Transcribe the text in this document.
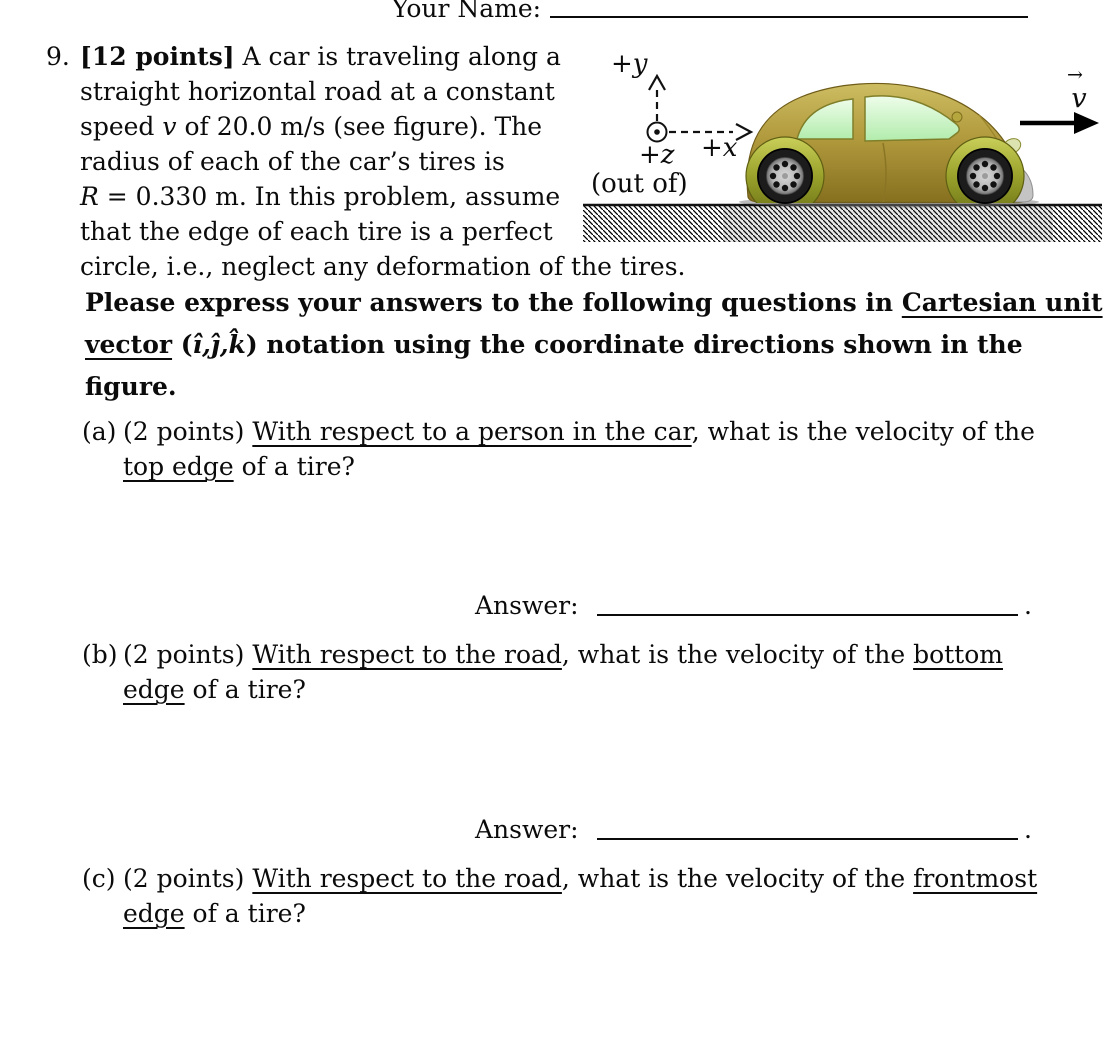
Your Name:
9. [12 points] A car is traveling along a
straight horizontal road at a constant
speed v of 20.0 m/s (see figure). The
radius of each of the car’s tires is
R = 0.330 m. In this problem, assume
that the edge of each tire is a perfect
circle, i.e., neglect any deformation of the tires.
+y
+x
+z
(out of)
→
v
Please express your answers to the following questions in Cartesian unit
vector (î,ĵ,k̂) notation using the coordinate directions shown in the
figure.
(a) (2 points) With respect to a person in the car, what is the velocity of the
top edge of a tire?
Answer:	.
(b) (2 points) With respect to the road, what is the velocity of the bottom
edge of a tire?
Answer:	.
(c) (2 points) With respect to the road, what is the velocity of the frontmost
edge of a tire?
